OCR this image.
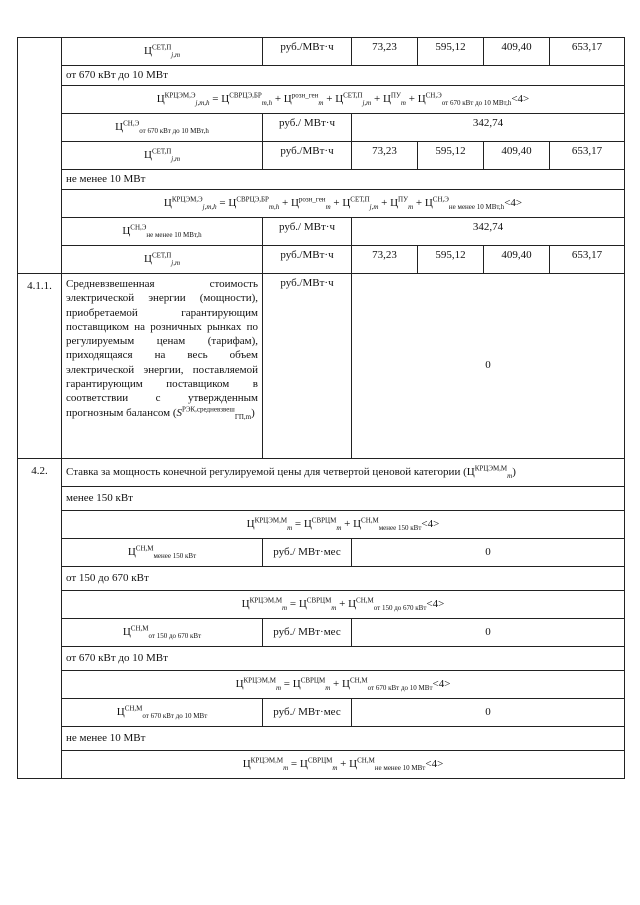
	$Ц^{СЕТ,П}_{j,m}$	руб./МВт·ч	73,23	595,12	409,40	653,17
	от 670 кВт до 10 МВт					
	$Ц^{КРЦЭМ,Э}_{j,m,h} = Ц^{СВРЦЭ,БР}_{m,h} + Ц^{розн\_ген}_m + Ц^{СЕТ,П}_{j,m} + Ц^{ПУ}_m + Ц^{СН,Э}_{от 670 кВт до 10 МВт,h}<4>$					
	$Ц^{СН,Э}_{от 670 кВт до 10 МВт,h}$	руб./ МВт·ч	342,74			
	$Ц^{СЕТ,П}_{j,m}$	руб./МВт·ч	73,23	595,12	409,40	653,17
	не менее 10 МВт					
	$Ц^{КРЦЭМ,Э}_{j,m,h} = Ц^{СВРЦЭ,БР}_{m,h} + Ц^{розн\_ген}_m + Ц^{СЕТ,П}_{j,m} + Ц^{ПУ}_m + Ц^{СН,Э}_{не менее 10 МВт,h}<4>$					
	$Ц^{СН,Э}_{не менее 10 МВт,h}$	руб./ МВт·ч	342,74			
	$Ц^{СЕТ,П}_{j,m}$	руб./МВт·ч	73,23	595,12	409,40	653,17

4.1.1.	Средневзвешенная стоимость электрической энергии (мощности), приобретаемой гарантирующим поставщиком на розничных рынках по регулируемым ценам (тарифам), приходящаяся на весь объем электрической энергии, поставляемой гарантирующим поставщиком в соответствии с утвержденным прогнозным балансом $(S^{РЭК,средневзвеш}_{ГП,m})$	руб./МВт·ч	0			
4.2.	Ставка за мощность конечной регулируемой цены для четвертой ценовой категории $(Ц^{КРЦЭМ,М}_m)$					
	менее 150 кВт					
	$Ц^{КРЦЭМ,М}_m = Ц^{СВРЦМ}_m + Ц^{СН,М}_{менее 150 кВт}<4>$					
	$Ц^{СН,М}_{менее 150 кВт}$	руб./ МВт·мес	0			
	от 150 до 670 кВт					
	$Ц^{КРЦЭМ,М}_m = Ц^{СВРЦМ}_m + Ц^{СН,М}_{от 150 до 670 кВт}<4>$					
	$Ц^{СН,М}_{от 150 до 670 кВт}$	руб./ МВт·мес	0			
	от 670 кВт до 10 МВт					
	$Ц^{КРЦЭМ,М}_m = Ц^{СВРЦМ}_m + Ц^{СН,М}_{от 670 кВт до 10 МВт}<4>$					
	$Ц^{СН,М}_{от 670 кВт до 10 МВт}$	руб./ МВт·мес	0			
	не менее 10 МВт					
	$Ц^{КРЦЭМ,М}_m = Ц^{СВРЦМ}_m + Ц^{СН,М}_{не менее 10 МВт}<4>$					
